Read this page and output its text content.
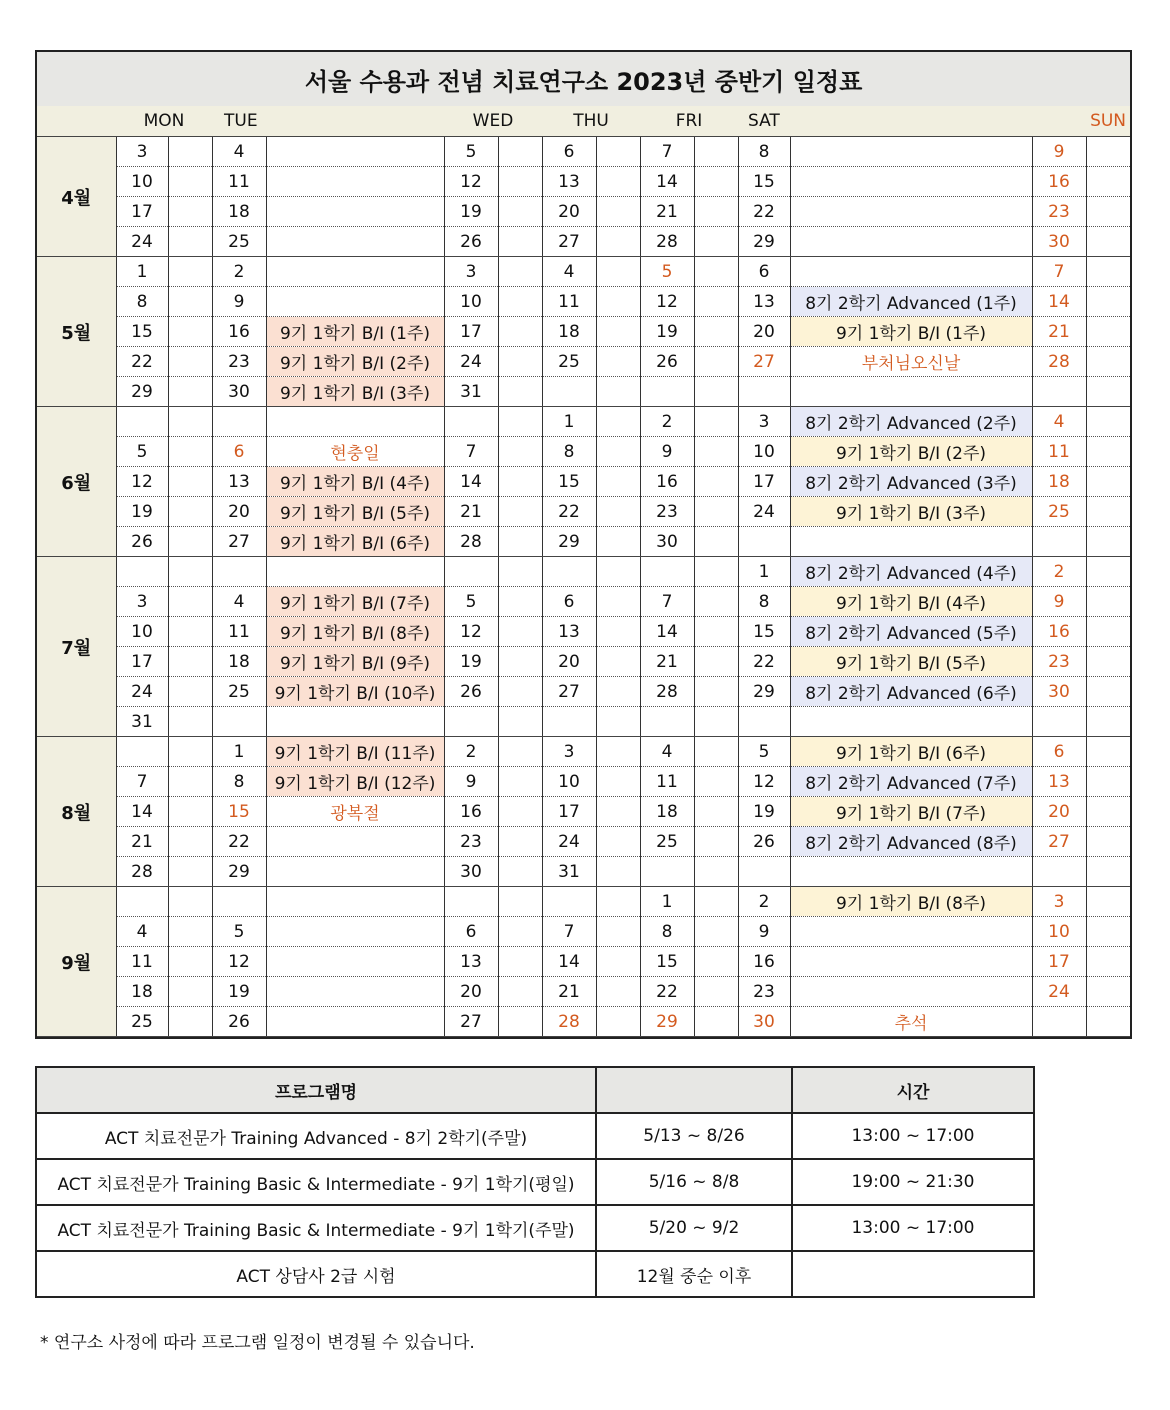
서울 수용과 전념 치료연구소 2023년 중반기 일정표														
	MON		TUE		WED		THU		FRI		SAT			SUN
4월	3		4		5		6		7		8		9	
	10		11		12		13		14		15		16	
	17		18		19		20		21		22		23	
	24		25		26		27		28		29		30	
5월	1		2		3		4		5		6		7	
	8		9		10		11		12		13	8기 2학기 Advanced (1주)	14	
	15		16	9기 1학기 B/I (1주)	17		18		19		20	9기 1학기 B/I (1주)	21	
	22		23	9기 1학기 B/I (2주)	24		25		26		27	부처님오신날	28	
	29		30	9기 1학기 B/I (3주)	31									
6월							1		2		3	8기 2학기 Advanced (2주)	4	
	5		6	현충일	7		8		9		10	9기 1학기 B/I (2주)	11	
	12		13	9기 1학기 B/I (4주)	14		15		16		17	8기 2학기 Advanced (3주)	18	
	19		20	9기 1학기 B/I (5주)	21		22		23		24	9기 1학기 B/I (3주)	25	
	26		27	9기 1학기 B/I (6주)	28		29		30					
7월											1	8기 2학기 Advanced (4주)	2	
	3		4	9기 1학기 B/I (7주)	5		6		7		8	9기 1학기 B/I (4주)	9	
	10		11	9기 1학기 B/I (8주)	12		13		14		15	8기 2학기 Advanced (5주)	16	
	17		18	9기 1학기 B/I (9주)	19		20		21		22	9기 1학기 B/I (5주)	23	
	24		25	9기 1학기 B/I (10주)	26		27		28		29	8기 2학기 Advanced (6주)	30	
	31													
8월			1	9기 1학기 B/I (11주)	2		3		4		5	9기 1학기 B/I (6주)	6	
	7		8	9기 1학기 B/I (12주)	9		10		11		12	8기 2학기 Advanced (7주)	13	
	14		15	광복절	16		17		18		19	9기 1학기 B/I (7주)	20	
	21		22		23		24		25		26	8기 2학기 Advanced (8주)	27	
	28		29		30		31							
9월									1		2	9기 1학기 B/I (8주)	3	
	4		5		6		7		8		9		10	
	11		12		13		14		15		16		17	
	18		19		20		21		22		23		24	
	25		26		27		28		29		30	추석		
프로그램명		시간
ACT 치료전문가 Training Advanced - 8기 2학기(주말)	5/13 ~ 8/26	13:00 ~ 17:00
ACT 치료전문가 Training Basic & Intermediate - 9기 1학기(평일)	5/16 ~ 8/8	19:00 ~ 21:30
ACT 치료전문가 Training Basic & Intermediate - 9기 1학기(주말)	5/20 ~ 9/2	13:00 ~ 17:00
ACT 상담사 2급 시험	12월 중순 이후	
* 연구소 사정에 따라 프로그램 일정이 변경될 수 있습니다.
